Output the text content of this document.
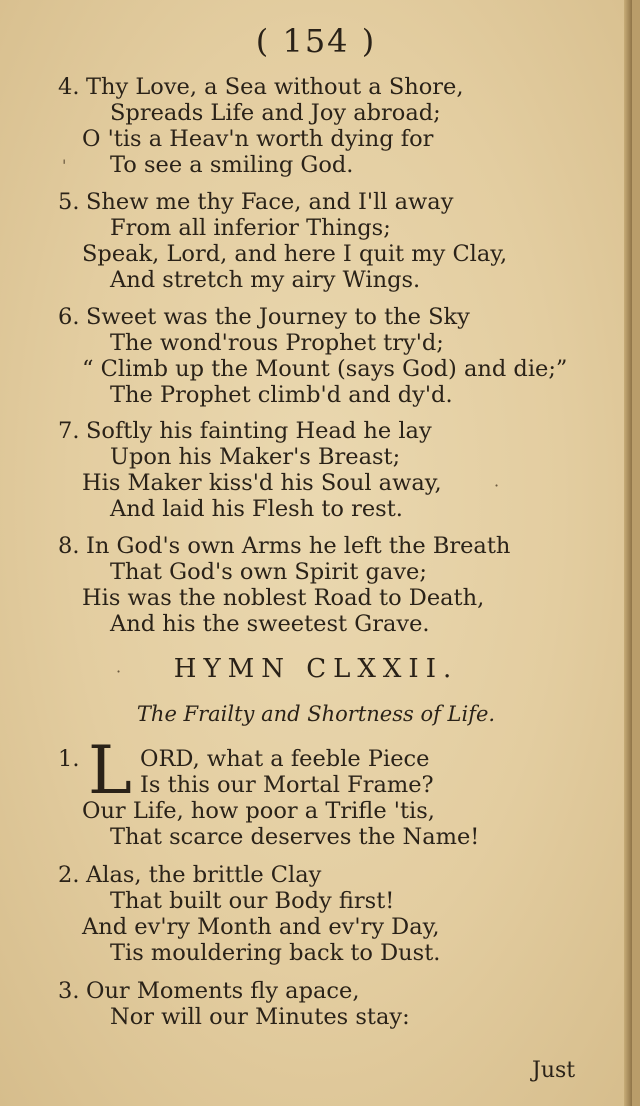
( 154 )
4. Thy Love, a Sea without a Shore,
Spreads Life and Joy abroad;
O 'tis a Heav'n worth dying for
To see a smiling God.
5. Shew me thy Face, and I'll away
From all inferior Things;
Speak, Lord, and here I quit my Clay,
And stretch my airy Wings.
6. Sweet was the Journey to the Sky
The wond'rous Prophet try'd;
“ Climb up the Mount (says God) and die;”
The Prophet climb'd and dy'd.
7. Softly his fainting Head he lay
Upon his Maker's Breast;
His Maker kiss'd his Soul away,
And laid his Flesh to rest.
8. In God's own Arms he left the Breath
That God's own Spirit gave;
His was the noblest Road to Death,
And his the sweetest Grave.
HYMN CLXXII.
The Frailty and Shortness of Life.
1. L ORD, what a feeble Piece
Is this our Mortal Frame?
Our Life, how poor a Trifle 'tis,
That scarce deserves the Name!
2. Alas, the brittle Clay
That built our Body first!
And ev'ry Month and ev'ry Day,
Tis mouldering back to Dust.
3. Our Moments fly apace,
Nor will our Minutes stay:
Just
'
·
·
